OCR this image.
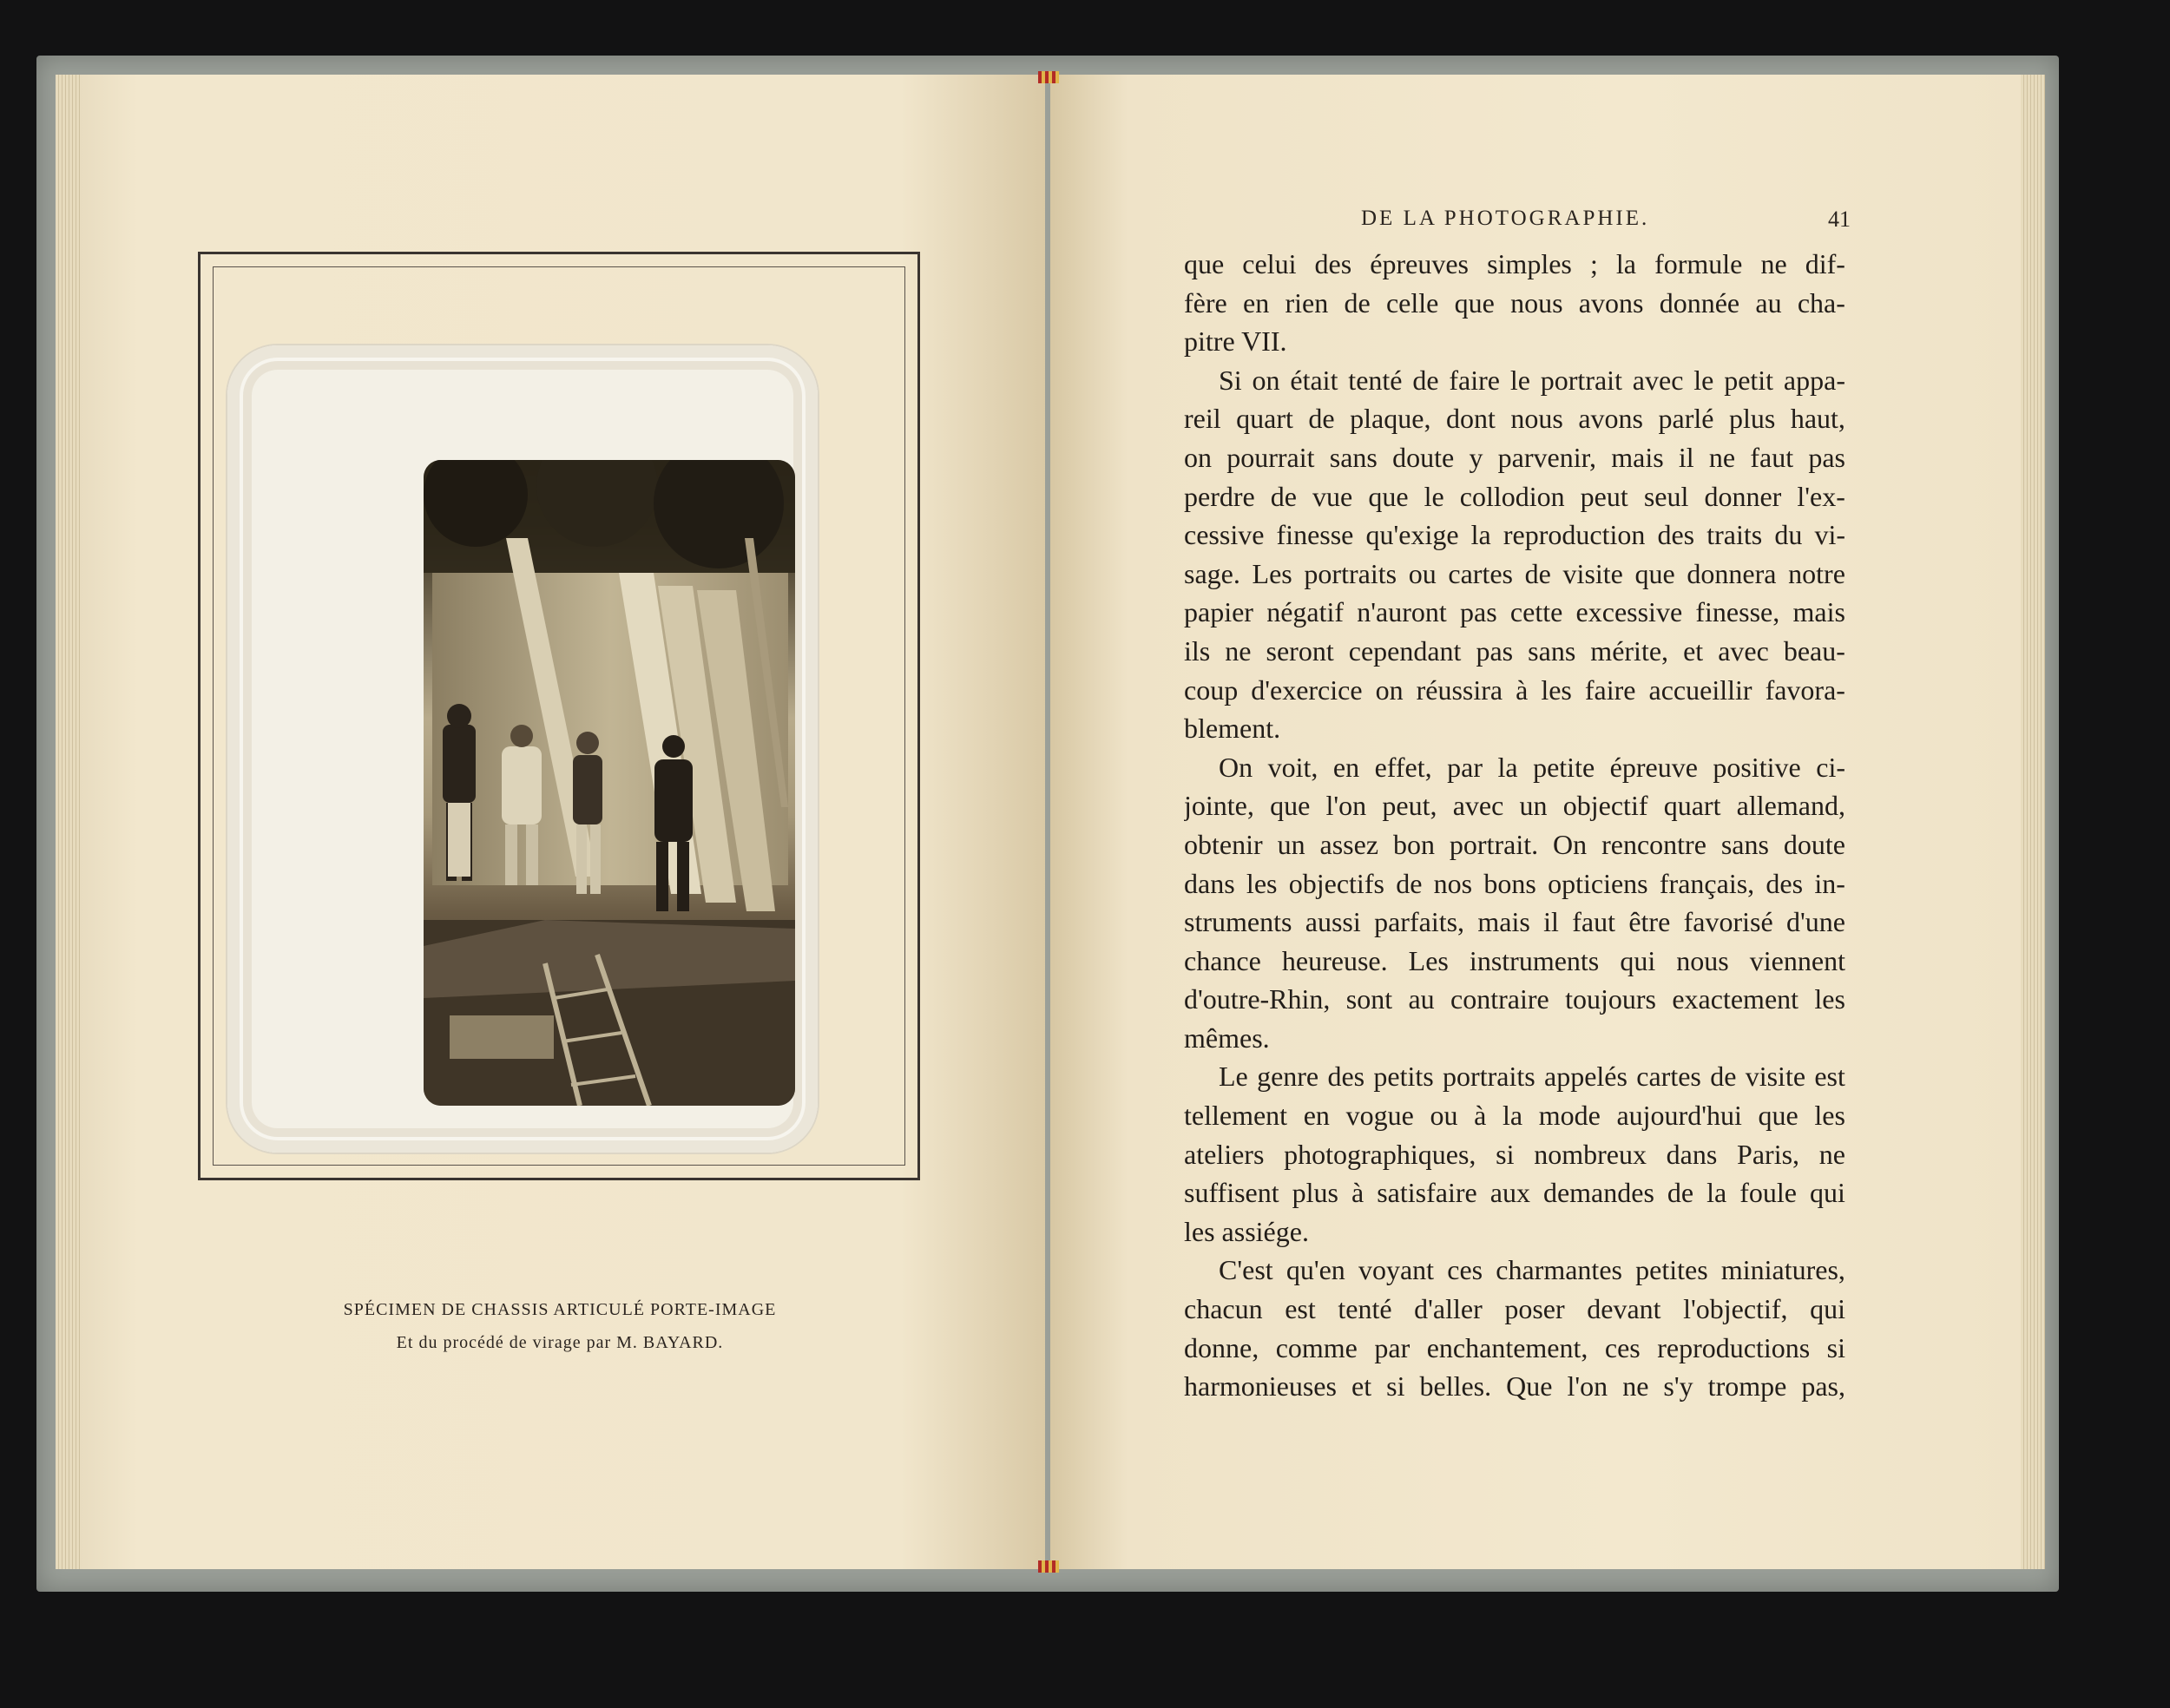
SPÉCIMEN DE CHASSIS ARTICULÉ PORTE-IMAGE
Et du procédé de virage par M. BAYARD.
DE LA PHOTOGRAPHIE.	41
que celui des épreuves simples ; la formule ne dif-
fère en rien de celle que nous avons donnée au cha-
pitre VII.
Si on était tenté de faire le portrait avec le petit appa-
reil quart de plaque, dont nous avons parlé plus haut,
on pourrait sans doute y parvenir, mais il ne faut pas
perdre de vue que le collodion peut seul donner l'ex-
cessive finesse qu'exige la reproduction des traits du vi-
sage. Les portraits ou cartes de visite que donnera notre
papier négatif n'auront pas cette excessive finesse, mais
ils ne seront cependant pas sans mérite, et avec beau-
coup d'exercice on réussira à les faire accueillir favora-
blement.
On voit, en effet, par la petite épreuve positive ci-
jointe, que l'on peut, avec un objectif quart allemand,
obtenir un assez bon portrait. On rencontre sans doute
dans les objectifs de nos bons opticiens français, des in-
struments aussi parfaits, mais il faut être favorisé d'une
chance heureuse. Les instruments qui nous viennent
d'outre-Rhin, sont au contraire toujours exactement les
mêmes.
Le genre des petits portraits appelés cartes de visite est
tellement en vogue ou à la mode aujourd'hui que les
ateliers photographiques, si nombreux dans Paris, ne
suffisent plus à satisfaire aux demandes de la foule qui
les assiége.
C'est qu'en voyant ces charmantes petites miniatures,
chacun est tenté d'aller poser devant l'objectif, qui
donne, comme par enchantement, ces reproductions si
harmonieuses et si belles. Que l'on ne s'y trompe pas,
